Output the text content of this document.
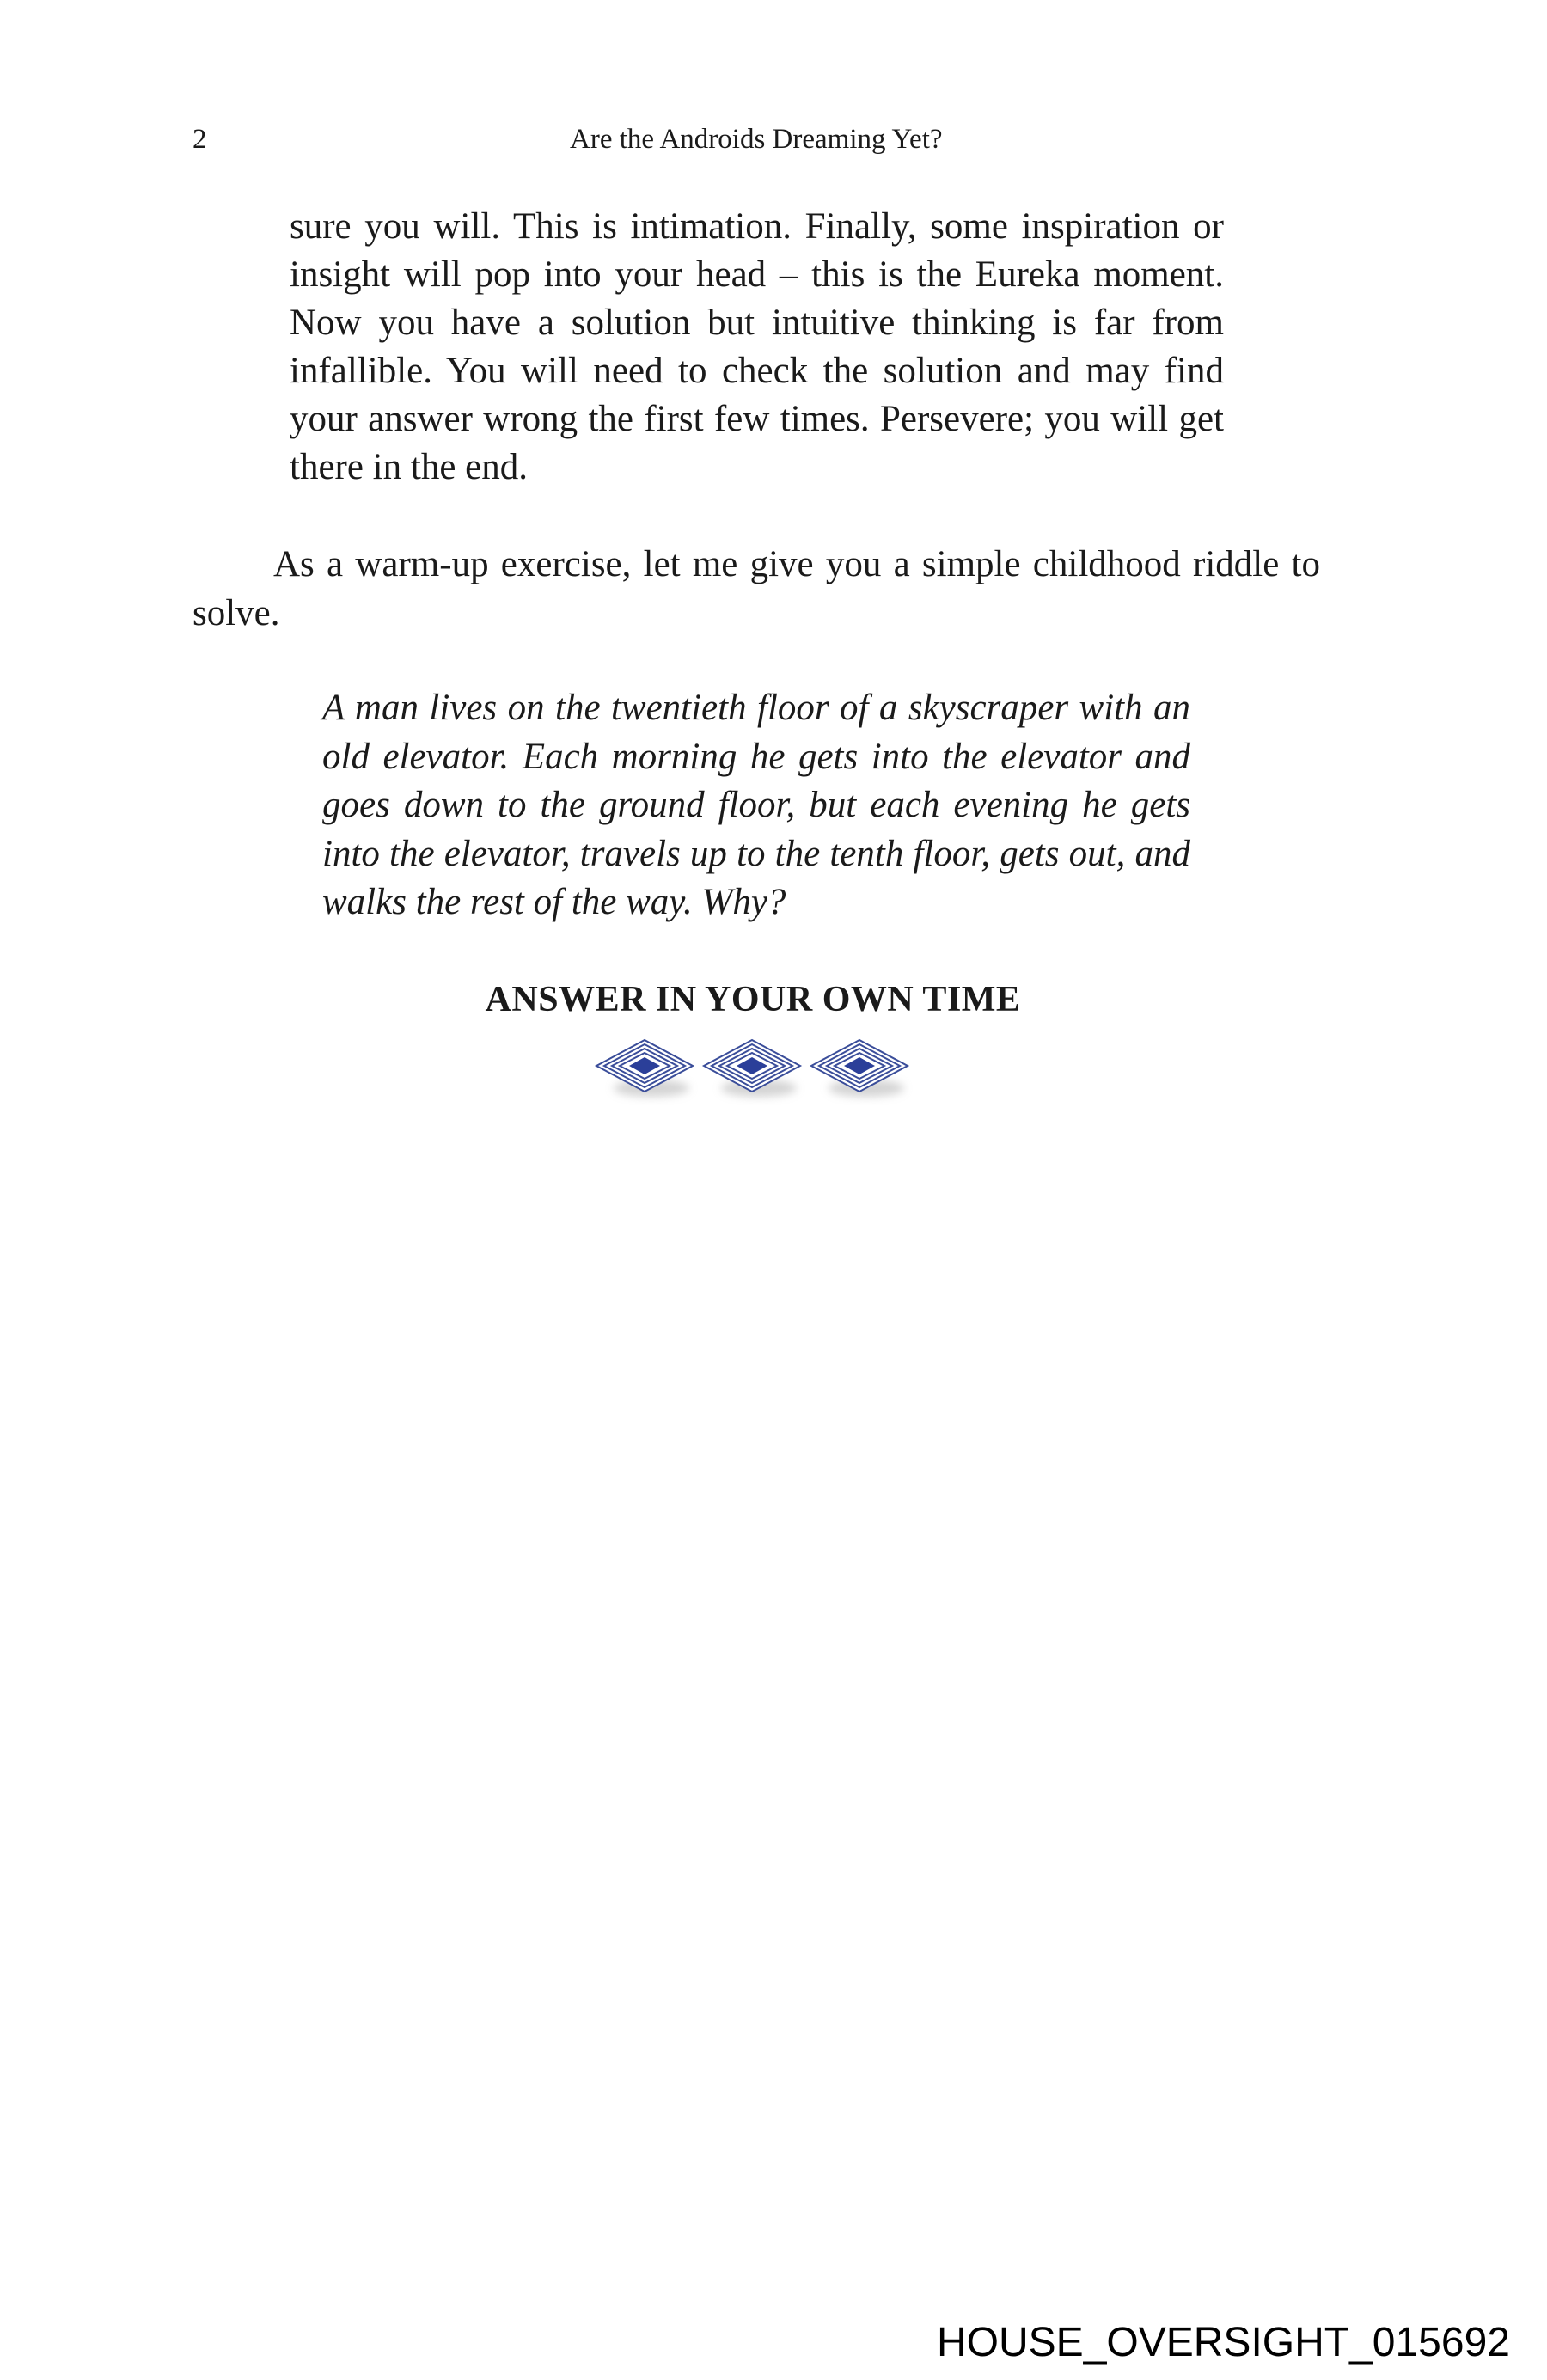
2	Are the Androids Dreaming Yet?
sure you will. This is intimation. Finally, some inspiration or insight will pop into your head – this is the Eureka moment. Now you have a solution but intuitive thinking is far from infallible. You will need to check the solution and may find your answer wrong the first few times. Persevere; you will get there in the end.
As a warm-up exercise, let me give you a simple childhood riddle to solve.
A man lives on the twentieth floor of a skyscraper with an old elevator. Each morning he gets into the elevator and goes down to the ground floor, but each evening he gets into the elevator, travels up to the tenth floor, gets out, and walks the rest of the way. Why?
ANSWER IN YOUR OWN TIME
HOUSE_OVERSIGHT_015692
